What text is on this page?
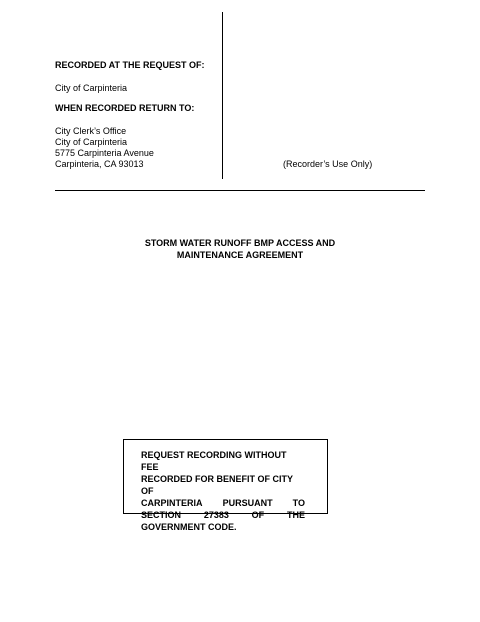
RECORDED AT THE REQUEST OF:

City of Carpinteria

WHEN RECORDED RETURN TO:

City Clerk’s Office

City of Carpinteria

5775 Carpinteria Avenue

Carpinteria, CA 93013	(Recorder’s Use Only)

STORM WATER RUNOFF BMP ACCESS AND
MAINTENANCE AGREEMENT
REQUEST RECORDING WITHOUT FEE
RECORDED FOR BENEFIT OF CITY OF
CARPINTERIA PURSUANT TO
SECTION	27383	OF	THE
GOVERNMENT CODE.
